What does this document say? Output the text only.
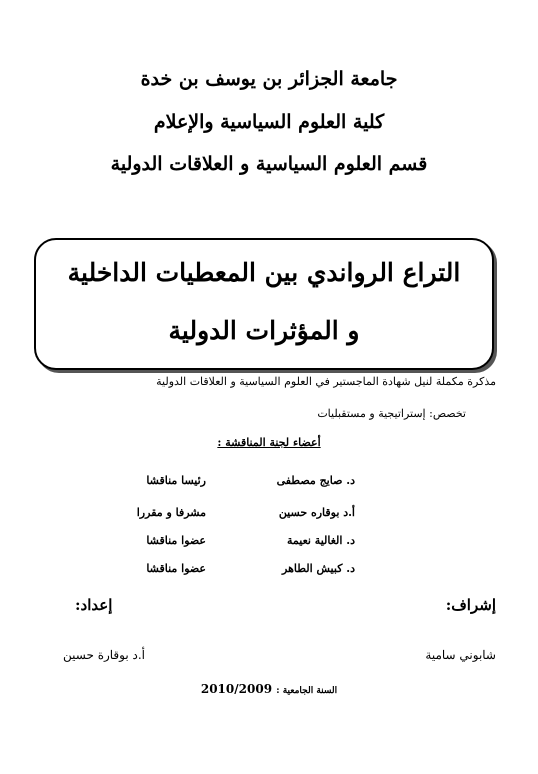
جامعة الجزائر بن يوسف بن خدة
كلية العلوم السياسية والإعلام
قسم العلوم السياسية و العلاقات الدولية
التراع الرواندي بين المعطيات الداخلية
و المؤثرات الدولية
مذكرة مكملة لنيل شهادة الماجستير في العلوم السياسية و العلاقات الدولية
تخصص: إستراتيجية و مستقبليات
أعضاء لجنة المناقشة :
د. صايج مصطفى
رئيسا مناقشا
أ.د بوقاره حسين
مشرفا و مقررا
د. الغالية نعيمة
عضوا مناقشا
د. كبيش الطاهر
عضوا مناقشا
إشراف:
إعداد:
شابوني سامية
أ.د بوقارة حسين
السنة الجامعية : 2010/2009
